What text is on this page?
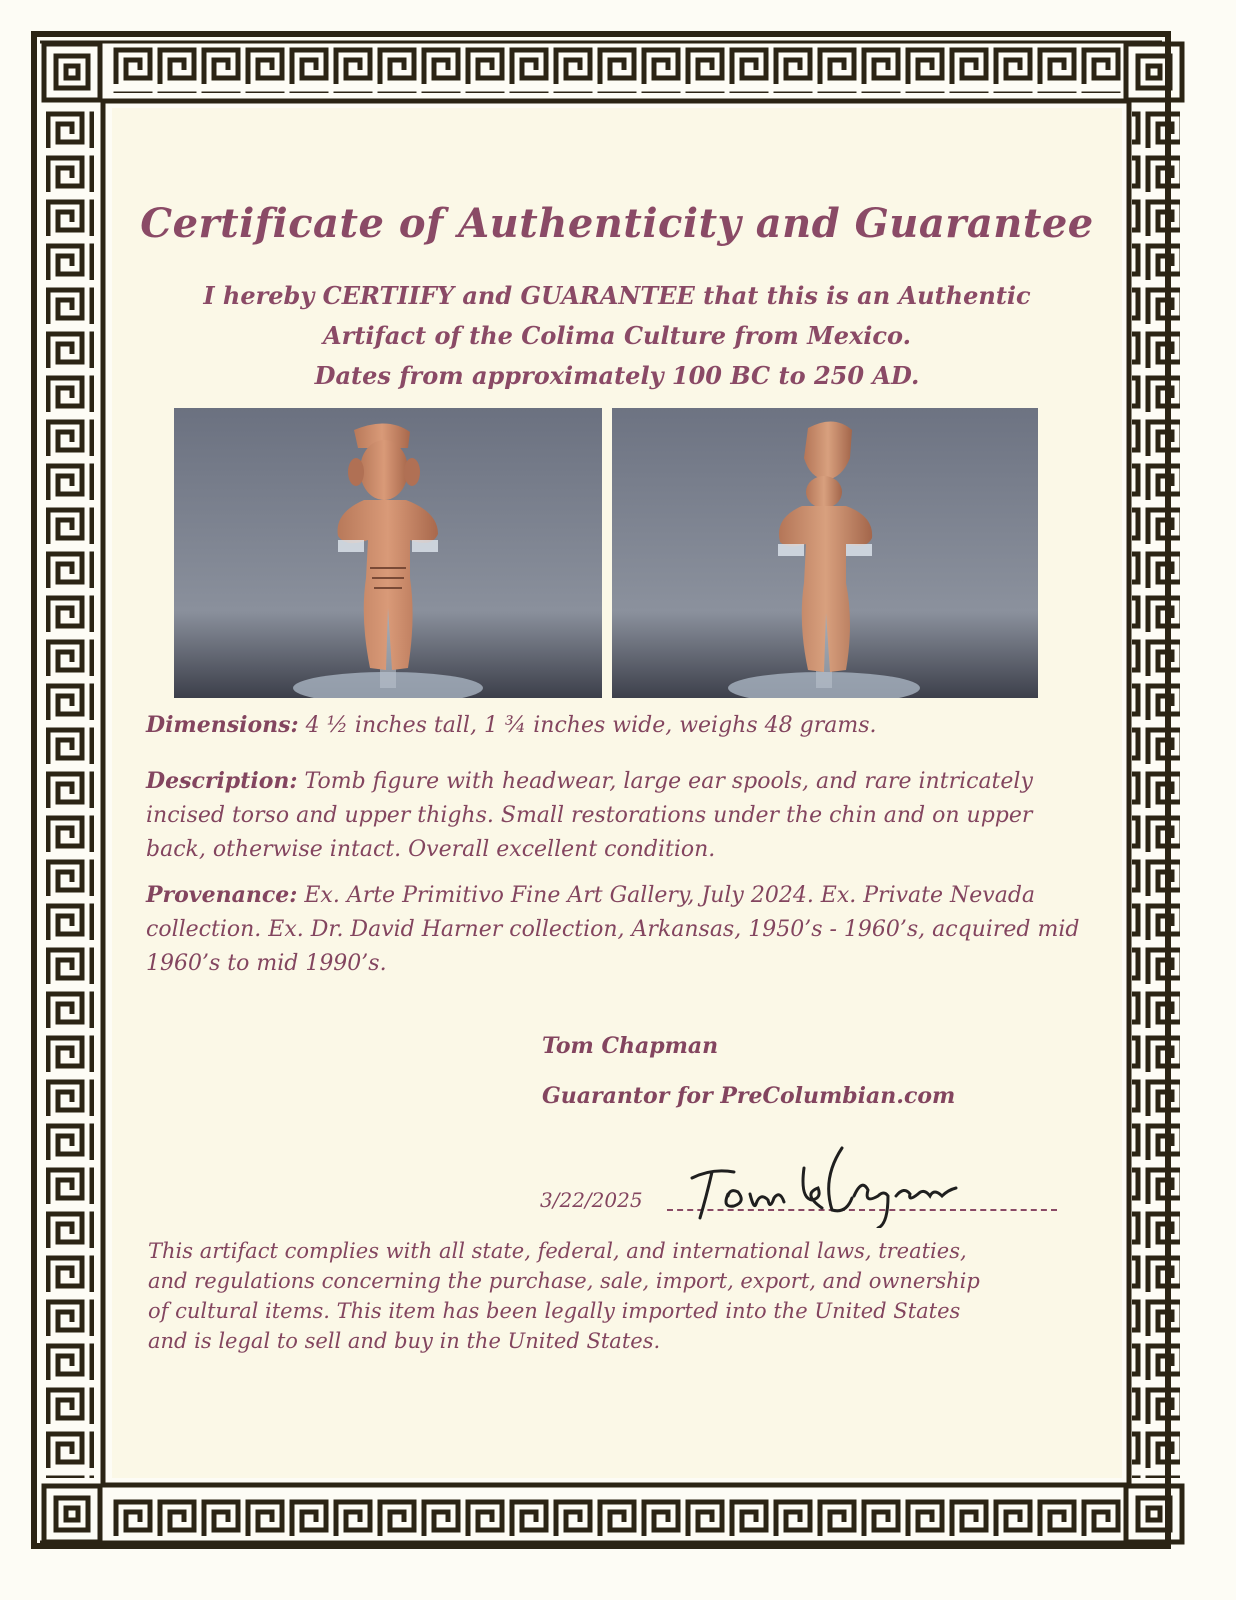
Certificate of Authenticity and Guarantee
I hereby CERTIIFY and GUARANTEE that this is an Authentic
Artifact of the Colima Culture from Mexico.
Dates from approximately 100 BC to 250 AD.
Dimensions: 4 ½ inches tall, 1 ¾ inches wide, weighs 48 grams.
Description: Tomb figure with headwear, large ear spools, and rare intricately incised torso and upper thighs. Small restorations under the chin and on upper back, otherwise intact. Overall excellent condition.
Provenance: Ex. Arte Primitivo Fine Art Gallery, July 2024. Ex. Private Nevada collection. Ex. Dr. David Harner collection, Arkansas, 1950’s - 1960’s, acquired mid 1960’s to mid 1990’s.
Tom Chapman
Guarantor for PreColumbian.com
3/22/2025
This artifact complies with all state, federal, and international laws, treaties,
and regulations concerning the purchase, sale, import, export, and ownership
of cultural items. This item has been legally imported into the United States
and is legal to sell and buy in the United States.
